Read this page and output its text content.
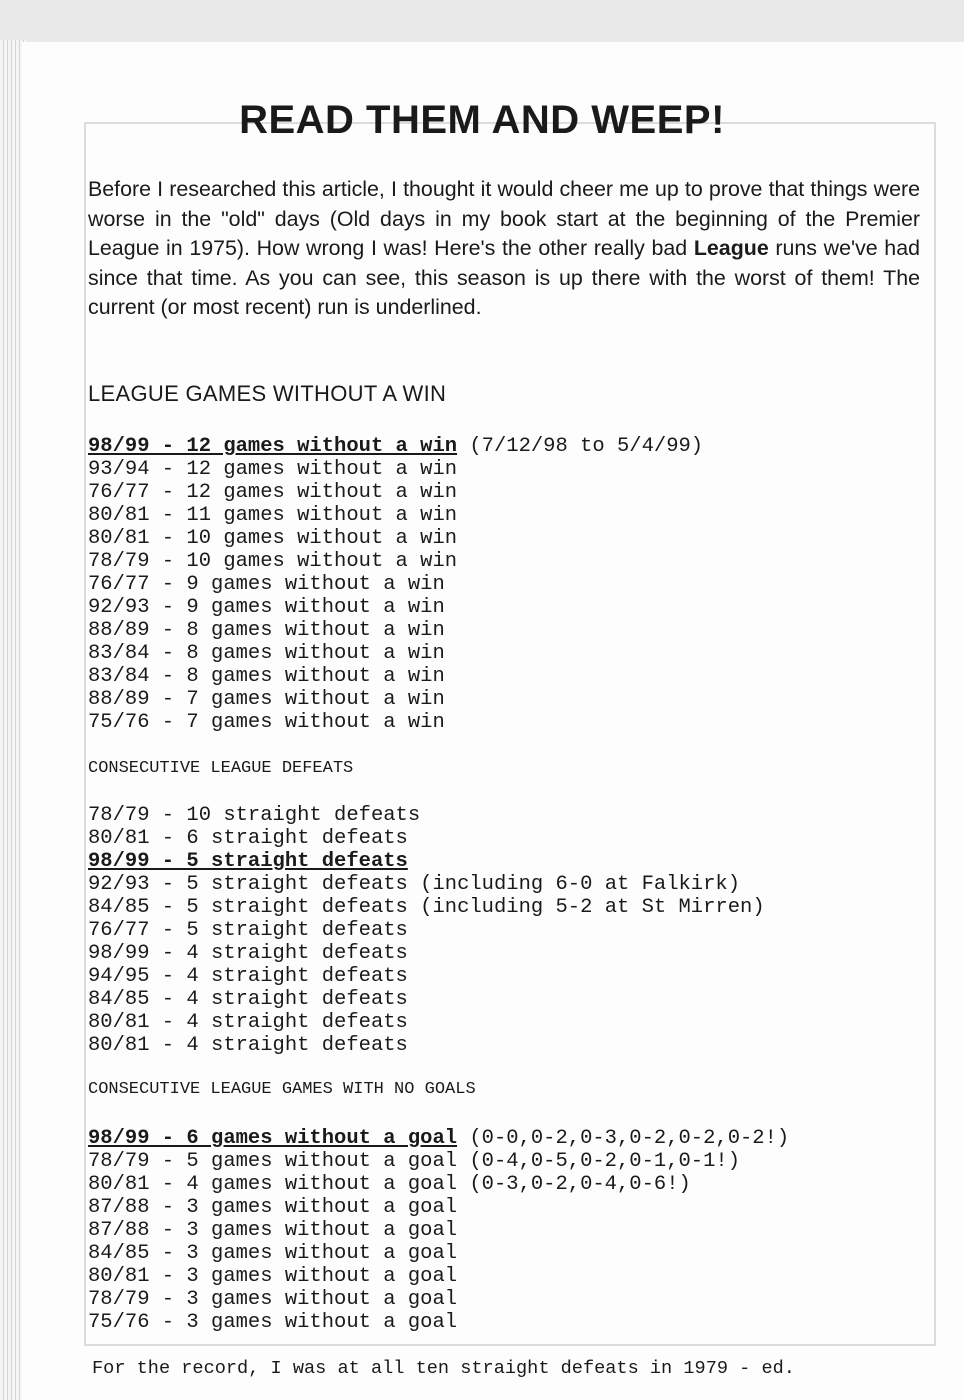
READ THEM AND WEEP!
Before I researched this article, I thought it would cheer me up to prove that things were worse in the "old" days (Old days in my book start at the beginning of the Premier League in 1975). How wrong I was! Here's the other really bad League runs we've had since that time. As you can see, this season is up there with the worst of them! The current (or most recent) run is underlined.
LEAGUE GAMES WITHOUT A WIN
98/99 - 12 games without a win (7/12/98 to 5/4/99)
93/94 - 12 games without a win
76/77 - 12 games without a win
80/81 - 11 games without a win
80/81 - 10 games without a win
78/79 - 10 games without a win
76/77 - 9 games without a win
92/93 - 9 games without a win
88/89 - 8 games without a win
83/84 - 8 games without a win
83/84 - 8 games without a win
88/89 - 7 games without a win
75/76 - 7 games without a win
CONSECUTIVE LEAGUE DEFEATS
78/79 - 10 straight defeats
80/81 - 6 straight defeats
98/99 - 5 straight defeats
92/93 - 5 straight defeats (including 6-0 at Falkirk)
84/85 - 5 straight defeats (including 5-2 at St Mirren)
76/77 - 5 straight defeats
98/99 - 4 straight defeats
94/95 - 4 straight defeats
84/85 - 4 straight defeats
80/81 - 4 straight defeats
80/81 - 4 straight defeats
CONSECUTIVE LEAGUE GAMES WITH NO GOALS
98/99 - 6 games without a goal (0-0,0-2,0-3,0-2,0-2,0-2!)
78/79 - 5 games without a goal (0-4,0-5,0-2,0-1,0-1!)
80/81 - 4 games without a goal (0-3,0-2,0-4,0-6!)
87/88 - 3 games without a goal
87/88 - 3 games without a goal
84/85 - 3 games without a goal
80/81 - 3 games without a goal
78/79 - 3 games without a goal
75/76 - 3 games without a goal
For the record, I was at all ten straight defeats in 1979 - ed.
